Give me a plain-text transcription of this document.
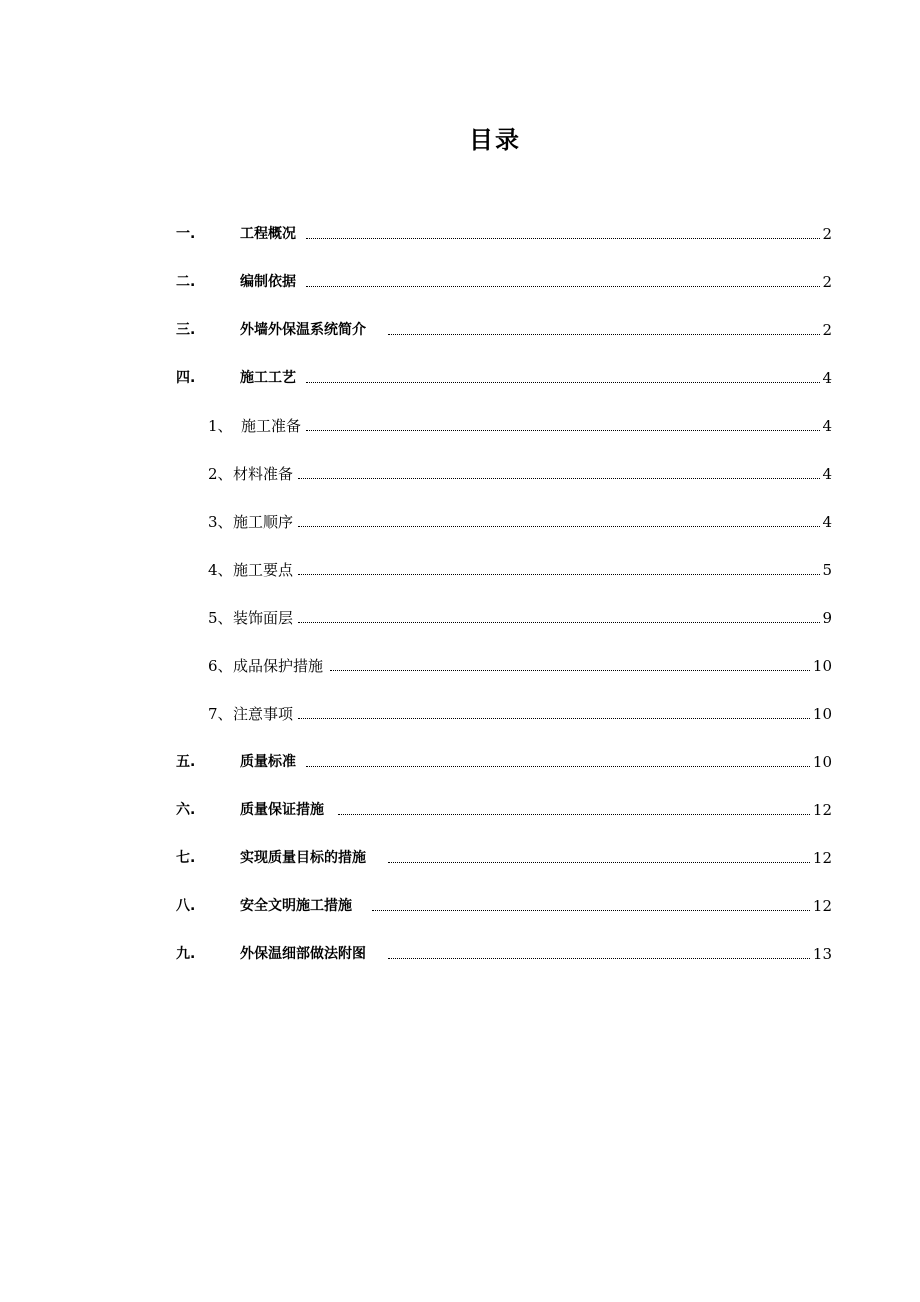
目录
一.	工程概况	2
二.	编制依据	2
三.	外墙外保温系统简介	2
四.	施工工艺	4
1、 施工准备	4
2、 材料准备	4
3、 施工顺序	4
4、 施工要点	5
5、 装饰面层	9
6、 成品保护措施	10
7、 注意事项	10
五.	质量标准	10
六.	质量保证措施	12
七.	实现质量目标的措施	12
八.	安全文明施工措施	12
九.	外保温细部做法附图	13
